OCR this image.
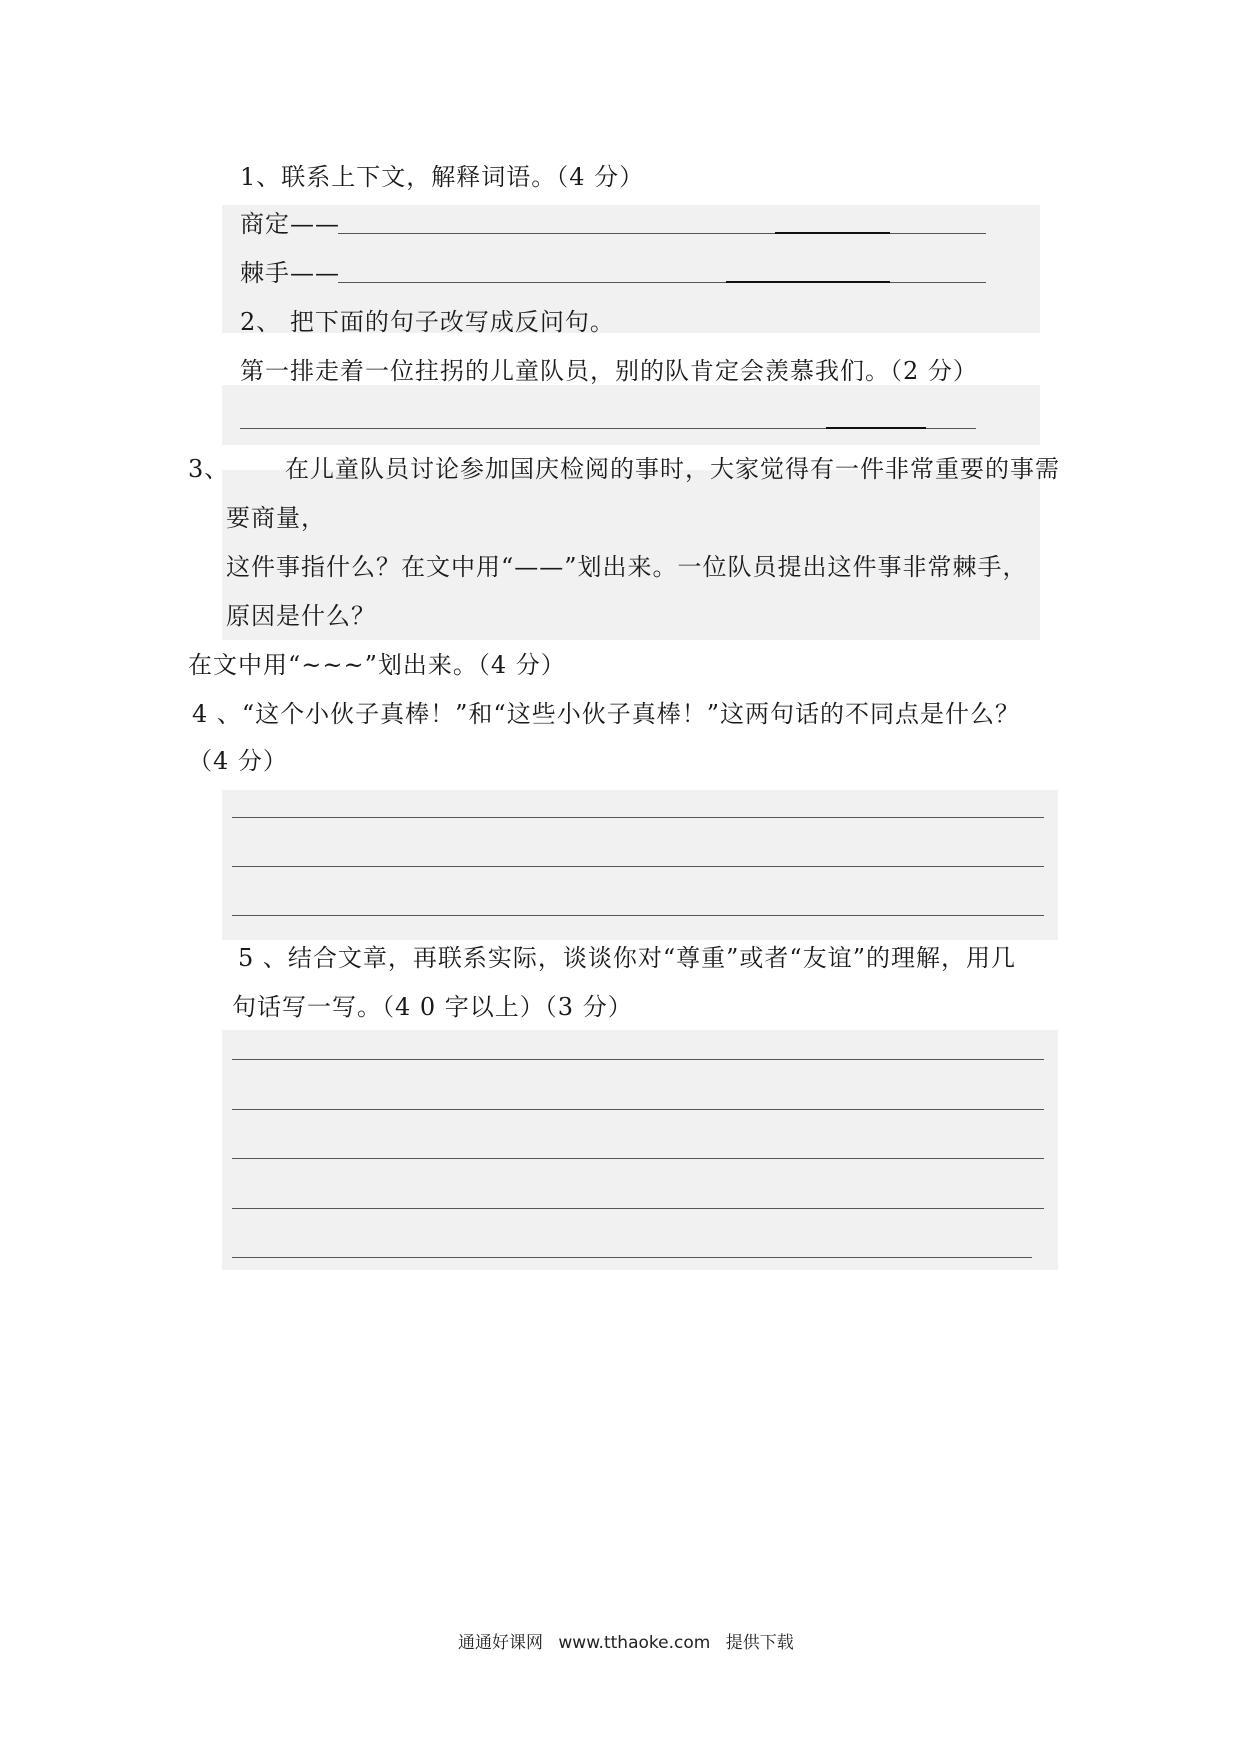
1、联系上下文，解释词语。（4 分）
商定——
棘手——
2、 把下面的句子改写成反问句。
第一排走着一位拄拐的儿童队员，别的队肯定会羡慕我们。（2 分）
3、 在儿童队员讨论参加国庆检阅的事时，大家觉得有一件非常重要的事需
要商量，
这件事指什么？在文中用“——”划出来。一位队员提出这件事非常棘手，
原因是什么？
在文中用“~~~”划出来。（4 分）
4 、“这个小伙子真棒！”和“这些小伙子真棒！”这两句话的不同点是什么？
（4 分）
5 、结合文章，再联系实际，谈谈你对“尊重”或者“友谊”的理解，用几
句话写一写。（4 0 字以上）（3 分）
通通好课网 www.tthaoke.com 提供下载
